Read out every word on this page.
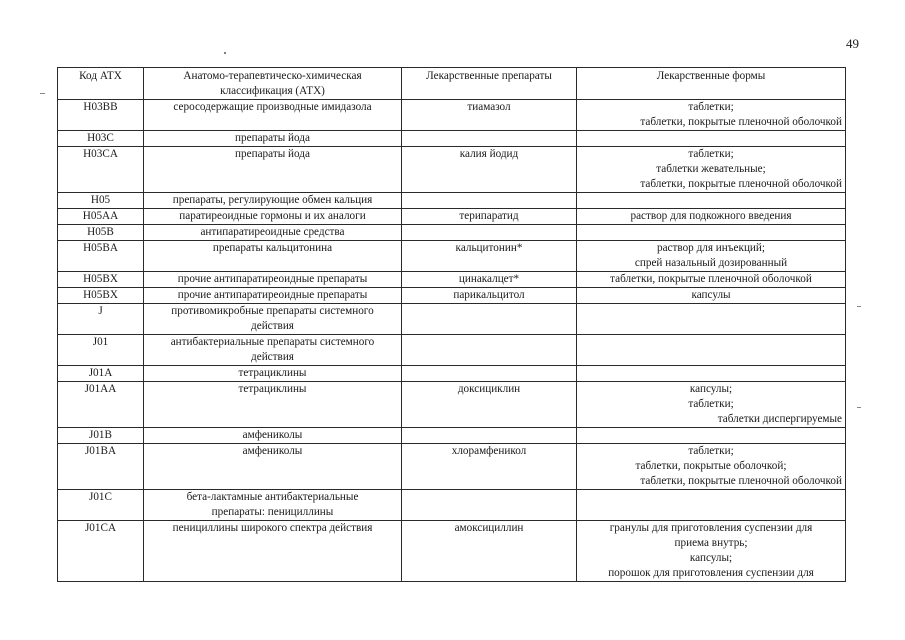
49
Код АТХ	Анатомо-терапевтическо-химическая
классификация (АТХ)	Лекарственные препараты	Лекарственные формы
H03BB	серосодержащие производные имидазола	тиамазол	таблетки;
таблетки, покрытые пленочной оболочкой

H03C	препараты йода		

H03CA	препараты йода	калия йодид	таблетки;
таблетки жевательные;
таблетки, покрытые пленочной оболочкой

H05	препараты, регулирующие обмен кальция		

H05AA	паратиреоидные гормоны и их аналоги	терипаратид	раствор для подкожного введения

H05B	антипаратиреоидные средства		

H05BA	препараты кальцитонина	кальцитонин*	раствор для инъекций;
спрей назальный дозированный

H05BX	прочие антипаратиреоидные препараты	цинакалцет*	таблетки, покрытые пленочной оболочкой

H05BX	прочие антипаратиреоидные препараты	парикальцитол	капсулы

J	противомикробные препараты системного
действия		

J01	антибактериальные препараты системного
действия		

J01A	тетрациклины		

J01AA	тетрациклины	доксициклин	капсулы;
таблетки;
таблетки диспергируемые

J01B	амфениколы		

J01BA	амфениколы	хлорамфеникол	таблетки;
таблетки, покрытые оболочкой;
таблетки, покрытые пленочной оболочкой

J01C	бета-лактамные антибактериальные
препараты: пенициллины		

J01CA	пенициллины широкого спектра действия	амоксициллин	гранулы для приготовления суспензии для
приема внутрь;
капсулы;
порошок для приготовления суспензии для
